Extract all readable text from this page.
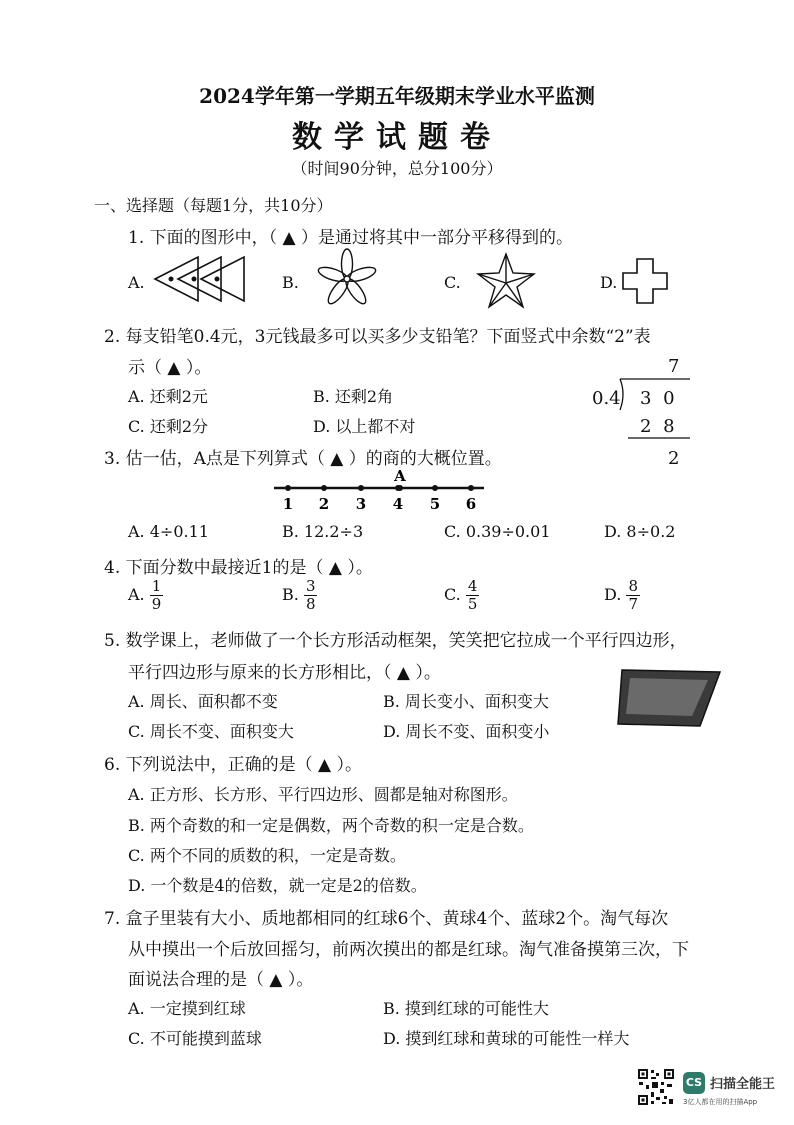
2024学年第一学期五年级期末学业水平监测
数学试题卷
（时间90分钟，总分100分）
一、选择题（每题1分，共10分）
1. 下面的图形中，（ ▲ ）是通过将其中一部分平移得到的。
A.	B.	C.	D.
2. 每支铅笔0.4元，3元钱最多可以买多少支铅笔？下面竖式中余数“2”表
示（ ▲ ）。
A. 还剩2元	B. 还剩2角
C. 还剩2分	D. 以上都不对
7
0.4 3 0
2 8
2
3. 估一估，A点是下列算式（ ▲ ）的商的大概位置。
A
1 2 3 4 5 6
A. 4÷0.11	B. 12.2÷3	C. 0.39÷0.01	D. 8÷0.2
4. 下面分数中最接近1的是（ ▲ ）。
A. $\frac{1}{9}$	B. $\frac{3}{8}$	C. $\frac{4}{5}$	D. $\frac{8}{7}$
5. 数学课上，老师做了一个长方形活动框架，笑笑把它拉成一个平行四边形，
平行四边形与原来的长方形相比，（ ▲ ）。
A. 周长、面积都不变	B. 周长变小、面积变大
C. 周长不变、面积变大	D. 周长不变、面积变小
6. 下列说法中，正确的是（ ▲ ）。
A. 正方形、长方形、平行四边形、圆都是轴对称图形。
B. 两个奇数的和一定是偶数，两个奇数的积一定是合数。
C. 两个不同的质数的积，一定是奇数。
D. 一个数是4的倍数，就一定是2的倍数。
7. 盒子里装有大小、质地都相同的红球6个、黄球4个、蓝球2个。淘气每次
从中摸出一个后放回摇匀，前两次摸出的都是红球。淘气准备摸第三次，下
面说法合理的是（ ▲ ）。
A. 一定摸到红球	B. 摸到红球的可能性大
C. 不可能摸到蓝球	D. 摸到红球和黄球的可能性一样大
CS 扫描全能王
3亿人都在用的扫描App
